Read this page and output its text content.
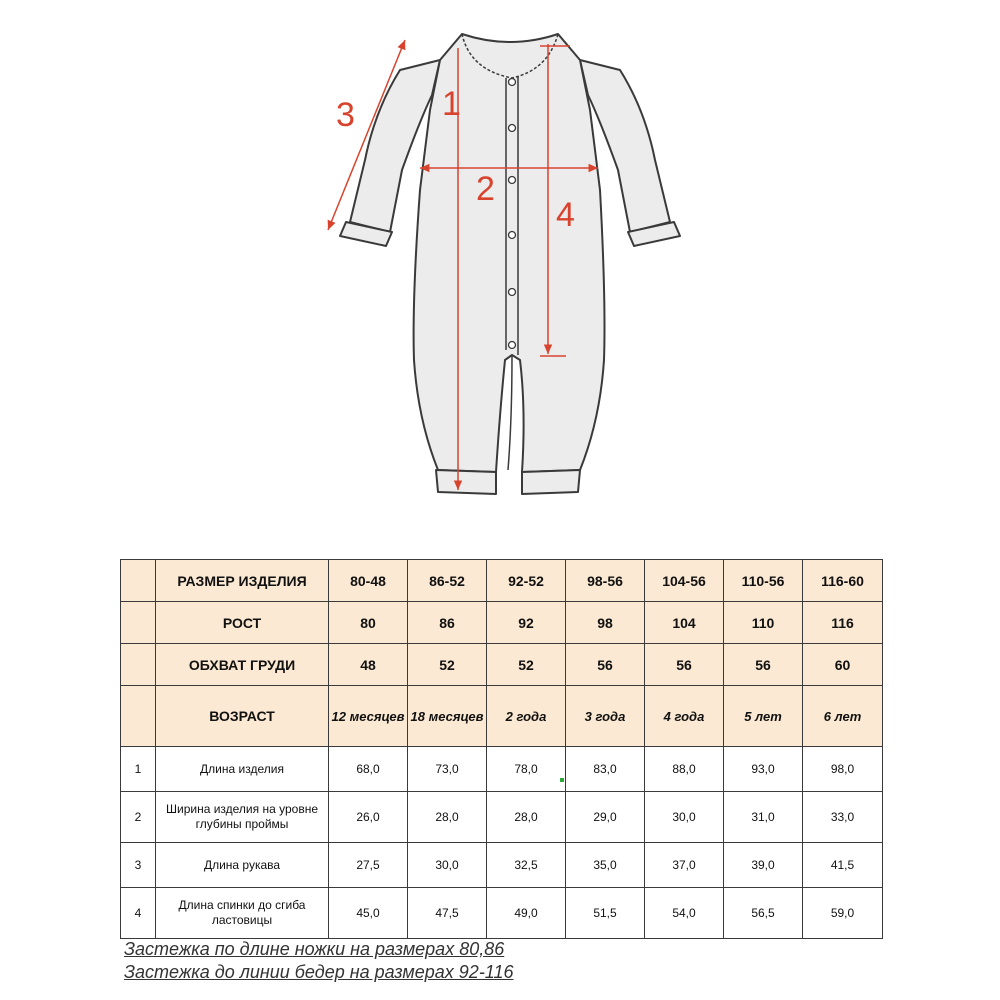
1
2
3
4
	РАЗМЕР ИЗДЕЛИЯ	80-48	86-52	92-52	98-56	104-56	110-56	116-60
	РОСТ	80	86	92	98	104	110	116
	ОБХВАТ ГРУДИ	48	52	52	56	56	56	60
	ВОЗРАСТ	12 месяцев	18 месяцев	2 года	3 года	4 года	5 лет	6 лет
1	Длина изделия	68,0	73,0	78,0	83,0	88,0	93,0	98,0
2	Ширина изделия на уровне глубины проймы	26,0	28,0	28,0	29,0	30,0	31,0	33,0
3	Длина рукава	27,5	30,0	32,5	35,0	37,0	39,0	41,5
4	Длина спинки до сгиба ластовицы	45,0	47,5	49,0	51,5	54,0	56,5	59,0
Застежка по длине ножки на размерах 80,86
Застежка до линии бедер на размерах 92-116
